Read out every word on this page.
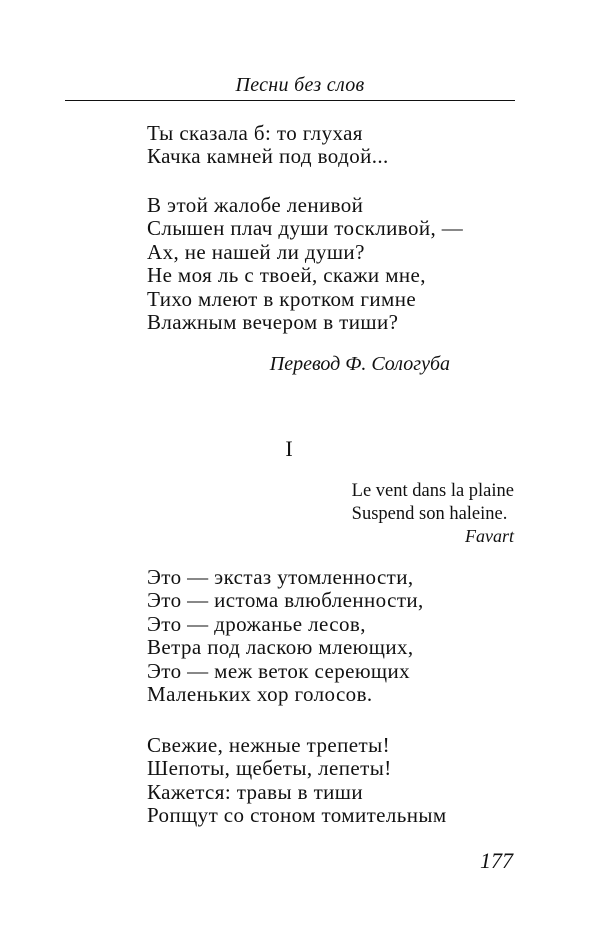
Песни без слов
Ты сказала б: то глухая
Качка камней под водой...
В этой жалобе ленивой
Слышен плач души тоскливой, —
Ах, не нашей ли души?
Не моя ль с твоей, скажи мне,
Тихо млеют в кротком гимне
Влажным вечером в тиши?
Перевод Ф. Сологуба
I
Le vent dans la plaine
Suspend son haleine.
Favart
Это — экстаз утомленности,
Это — истома влюбленности,
Это — дрожанье лесов,
Ветра под ласкою млеющих,
Это — меж веток сереющих
Маленьких хор голосов.
Свежие, нежные трепеты!
Шепоты, щебеты, лепеты!
Кажется: травы в тиши
Ропщут со стоном томительным
177
